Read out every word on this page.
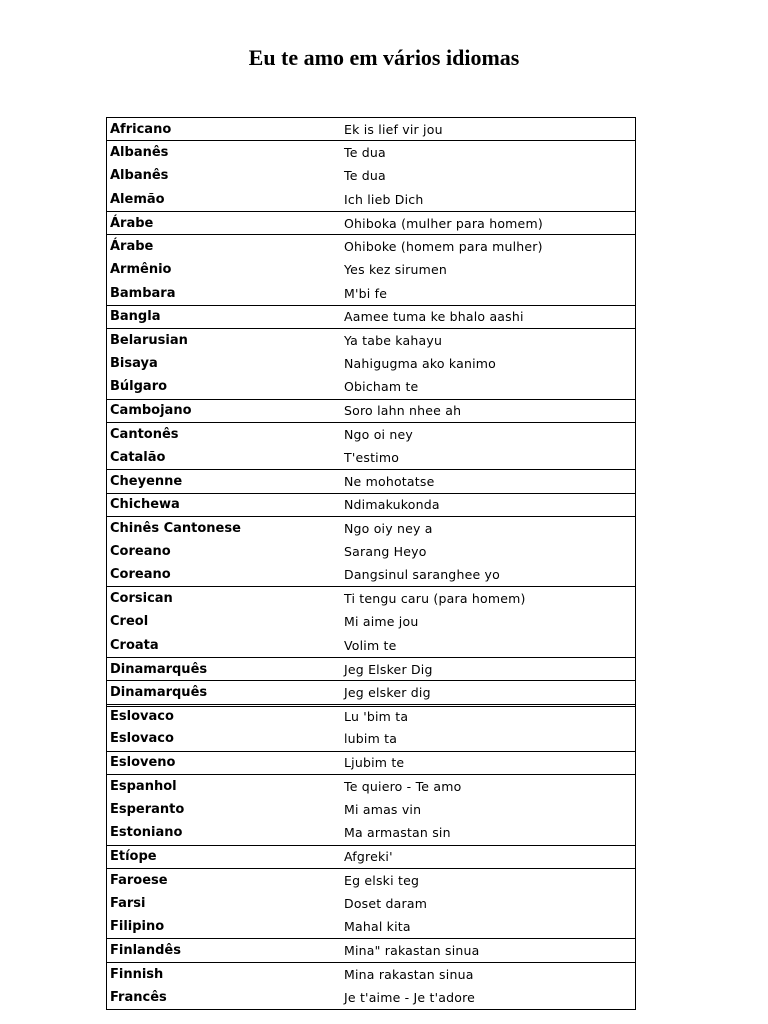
Eu te amo em vários idiomas
Africano	Ek is lief vir jou
Albanês	Te dua
Albanês	Te dua
Alemão	Ich lieb Dich
Árabe	Ohiboka (mulher para homem)
Árabe	Ohiboke (homem para mulher)
Armênio	Yes kez sirumen
Bambara	M'bi fe
Bangla	Aamee tuma ke bhalo aashi
Belarusian	Ya tabe kahayu
Bisaya	Nahigugma ako kanimo
Búlgaro	Obicham te
Cambojano	Soro lahn nhee ah
Cantonês	Ngo oi ney
Catalão	T'estimo
Cheyenne	Ne mohotatse
Chichewa	Ndimakukonda
Chinês Cantonese	Ngo oiy ney a
Coreano	Sarang Heyo
Coreano	Dangsinul saranghee yo
Corsican	Ti tengu caru (para homem)
Creol	Mi aime jou
Croata	Volim te
Dinamarquês	Jeg Elsker Dig
Dinamarquês	Jeg elsker dig
Eslovaco	Lu 'bim ta
Eslovaco	lubim ta
Esloveno	Ljubim te
Espanhol	Te quiero - Te amo
Esperanto	Mi amas vin
Estoniano	Ma armastan sin
Etíope	Afgreki'
Faroese	Eg elski teg
Farsi	Doset daram
Filipino	Mahal kita
Finlandês	Mina" rakastan sinua
Finnish	Mina rakastan sinua
Francês	Je t'aime - Je t'adore
